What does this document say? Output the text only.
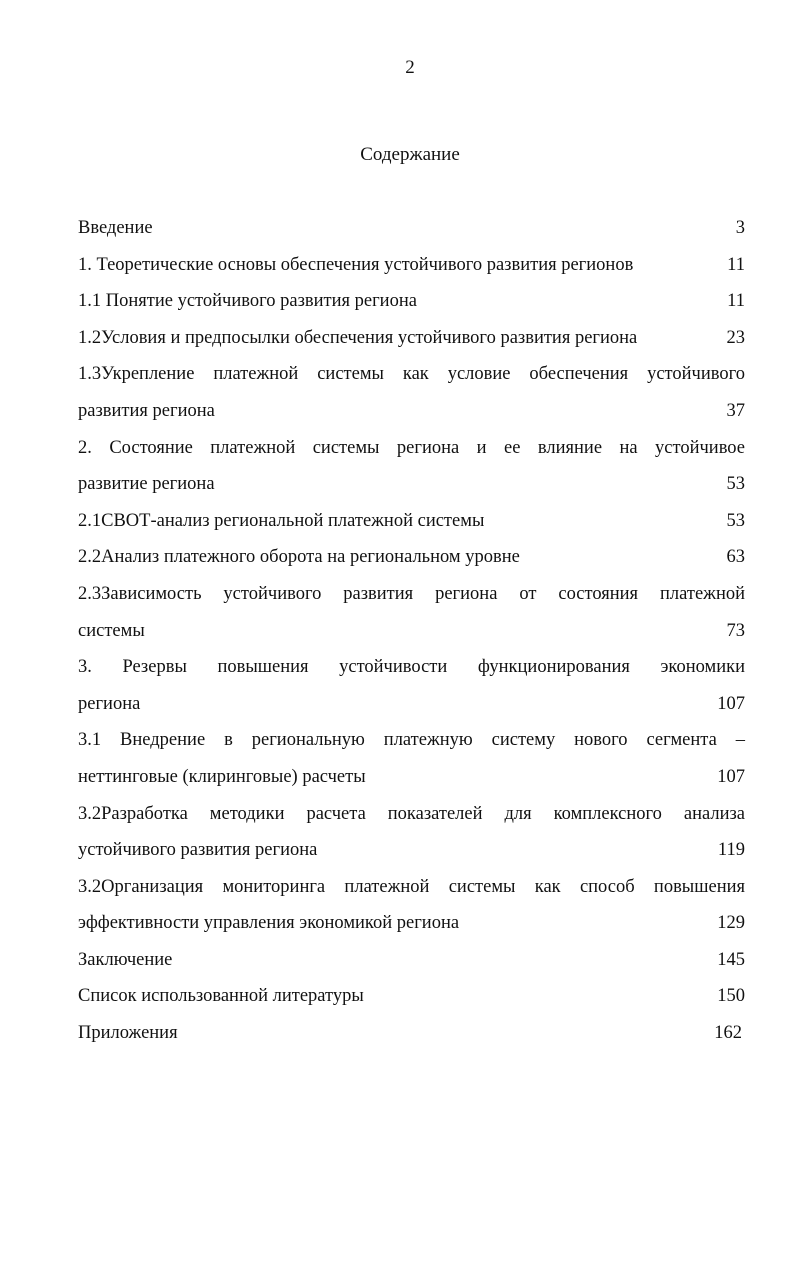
2
Содержание
Введение	3
1. Теоретические основы обеспечения устойчивого развития регионов	11
1.1 Понятие устойчивого развития региона	11
1.2Условия и предпосылки обеспечения устойчивого развития региона	23
1.3Укрепление платежной системы как условие обеспечения устойчивого
развития региона	37
2. Состояние платежной системы региона и ее влияние на устойчивое
развитие региона	53
2.1СВОТ-анализ региональной платежной системы	53
2.2Анализ платежного оборота на региональном уровне	63
2.3Зависимость устойчивого развития региона от состояния платежной
системы	73
3. Резервы повышения устойчивости функционирования экономики
региона	107
3.1 Внедрение в региональную платежную систему нового сегмента –
неттинговые (клиринговые) расчеты	107
3.2Разработка методики расчета показателей для комплексного анализа
устойчивого развития региона	119
3.2Организация мониторинга платежной системы как способ повышения
эффективности управления экономикой региона	129
Заключение	145
Список использованной литературы	150
Приложения	162
